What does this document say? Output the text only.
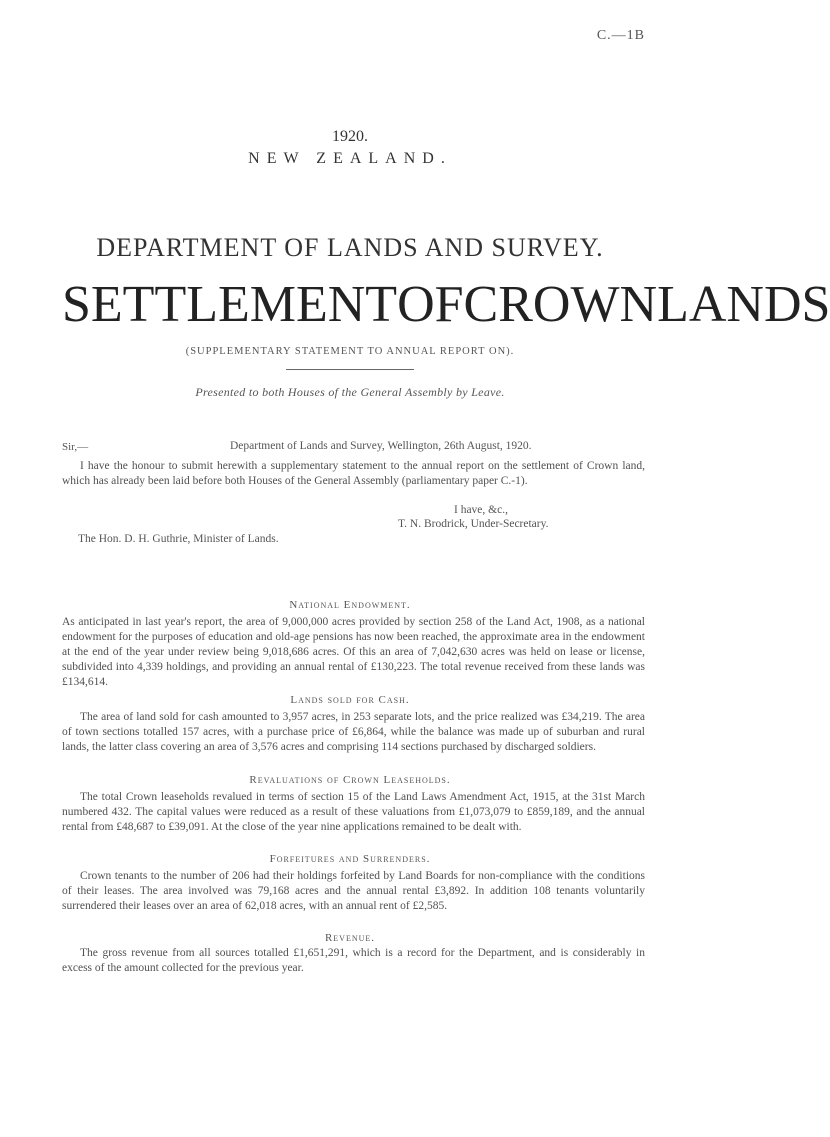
C.—1B
1920.
NEW ZEALAND.
DEPARTMENT OF LANDS AND SURVEY.
SETTLEMENT OF CROWN LANDS
(SUPPLEMENTARY STATEMENT TO ANNUAL REPORT ON).
Presented to both Houses of the General Assembly by Leave.
Sir,—	Department of Lands and Survey, Wellington, 26th August, 1920.

I have the honour to submit herewith a supplementary statement to the annual report on the settlement of Crown land, which has already been laid before both Houses of the General Assembly (parliamentary paper C.-1).

I have, &c.,
T. N. Brodrick, Under-Secretary.
The Hon. D. H. Guthrie, Minister of Lands.
National Endowment.

As anticipated in last year's report, the area of 9,000,000 acres provided by section 258 of the Land Act, 1908, as a national endowment for the purposes of education and old-age pensions has now been reached, the approximate area in the endowment at the end of the year under review being 9,018,686 acres. Of this an area of 7,042,630 acres was held on lease or license, subdivided into 4,339 holdings, and providing an annual rental of £130,223. The total revenue received from these lands was £134,614.

Lands sold for Cash.

The area of land sold for cash amounted to 3,957 acres, in 253 separate lots, and the price realized was £34,219. The area of town sections totalled 157 acres, with a purchase price of £6,864, while the balance was made up of suburban and rural lands, the latter class covering an area of 3,576 acres and comprising 114 sections purchased by discharged soldiers.

Revaluations of Crown Leaseholds.

The total Crown leaseholds revalued in terms of section 15 of the Land Laws Amendment Act, 1915, at the 31st March numbered 432. The capital values were reduced as a result of these valuations from £1,073,079 to £859,189, and the annual rental from £48,687 to £39,091. At the close of the year nine applications remained to be dealt with.

Forfeitures and Surrenders.

Crown tenants to the number of 206 had their holdings forfeited by Land Boards for non-compliance with the conditions of their leases. The area involved was 79,168 acres and the annual rental £3,892. In addition 108 tenants voluntarily surrendered their leases over an area of 62,018 acres, with an annual rent of £2,585.

Revenue.

The gross revenue from all sources totalled £1,651,291, which is a record for the Department, and is considerably in excess of the amount collected for the previous year.
